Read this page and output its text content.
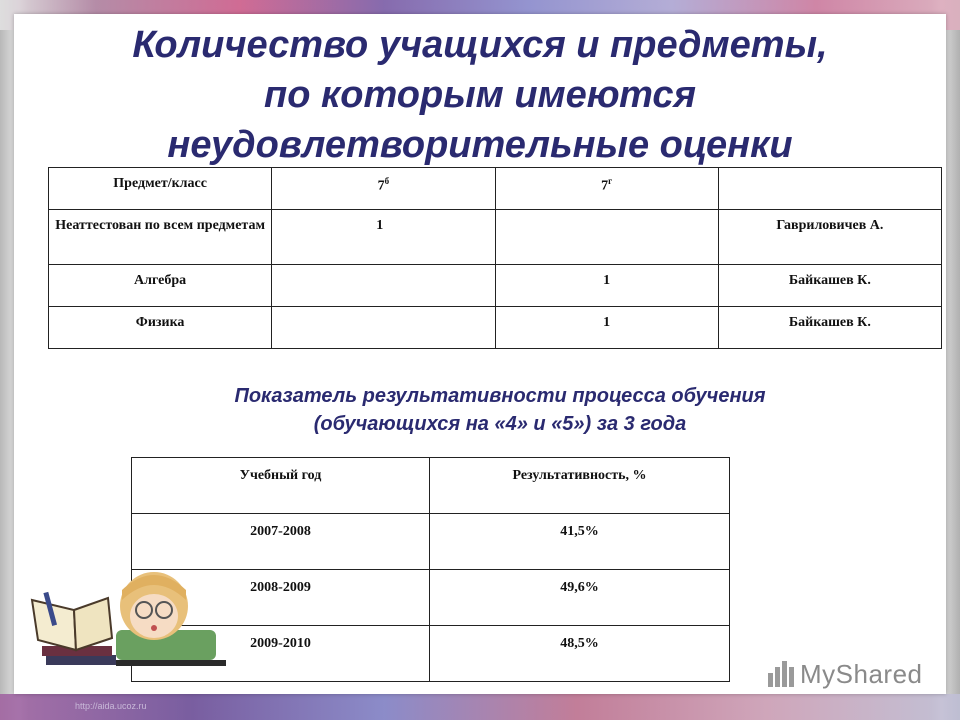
Количество учащихся и предметы,
по которым имеются
неудовлетворительные оценки
Предмет/класс	$7^б$	$7^г$	
Неаттестован по всем предметам	1		Гавриловичев А.
Алгебра		1	Байкашев К.
Физика		1	Байкашев К.
Показатель результативности процесса обучения
(обучающихся на «4» и «5») за 3 года
Учебный год	Результативность, %
2007-2008	41,5%
2008-2009	49,6%
2009-2010	48,5%
MyShared
http://aida.ucoz.ru
